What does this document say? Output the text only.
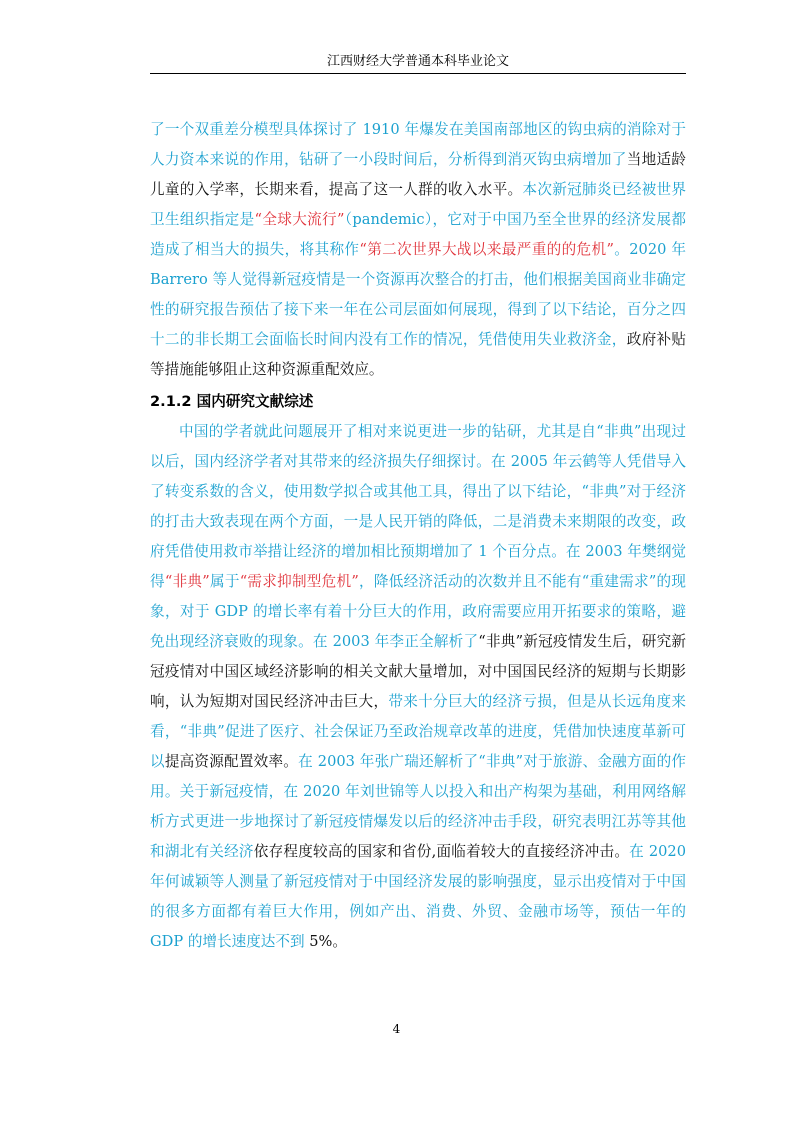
江西财经大学普通本科毕业论文

了一个双重差分模型具体探讨了 1910 年爆发在美国南部地区的钩虫病的消除对于人力资本来说的作用，钻研了一小段时间后，分析得到消灭钩虫病增加了当地适龄儿童的入学率，长期来看，提高了这一人群的收入水平。本次新冠肺炎已经被世界卫生组织指定是“全球大流行”（pandemic），它对于中国乃至全世界的经济发展都造成了相当大的损失，将其称作“第二次世界大战以来最严重的的危机”。2020 年 Barrero 等人觉得新冠疫情是一个资源再次整合的打击，他们根据美国商业非确定性的研究报告预估了接下来一年在公司层面如何展现，得到了以下结论，百分之四十二的非长期工会面临长时间内没有工作的情况，凭借使用失业救济金，政府补贴等措施能够阻止这种资源重配效应。

2.1.2 国内研究文献综述

中国的学者就此问题展开了相对来说更进一步的钻研，尤其是自“非典”出现过以后，国内经济学者对其带来的经济损失仔细探讨。在 2005 年云鹤等人凭借导入了转变系数的含义，使用数学拟合或其他工具，得出了以下结论，“非典”对于经济的打击大致表现在两个方面，一是人民开销的降低，二是消费未来期限的改变，政府凭借使用救市举措让经济的增加相比预期增加了 1 个百分点。在 2003 年樊纲觉得“非典”属于“需求抑制型危机”，降低经济活动的次数并且不能有“重建需求”的现象，对于 GDP 的增长率有着十分巨大的作用，政府需要应用开拓要求的策略，避免出现经济衰败的现象。在 2003 年李正全解析了“非典”新冠疫情发生后，研究新冠疫情对中国区域经济影响的相关文献大量增加，对中国国民经济的短期与长期影响，认为短期对国民经济冲击巨大，带来十分巨大的经济亏损，但是从长远角度来看，“非典”促进了医疗、社会保证乃至政治规章改革的进度，凭借加快速度革新可以提高资源配置效率。在 2003 年张广瑞还解析了“非典”对于旅游、金融方面的作用。关于新冠疫情，在 2020 年刘世锦等人以投入和出产构架为基础，利用网络解析方式更进一步地探讨了新冠疫情爆发以后的经济冲击手段，研究表明江苏等其他和湖北有关经济依存程度较高的国家和省份,面临着较大的直接经济冲击。在 2020 年何诚颖等人测量了新冠疫情对于中国经济发展的影响强度，显示出疫情对于中国的很多方面都有着巨大作用，例如产出、消费、外贸、金融市场等，预估一年的 GDP 的增长速度达不到 5%。

4
